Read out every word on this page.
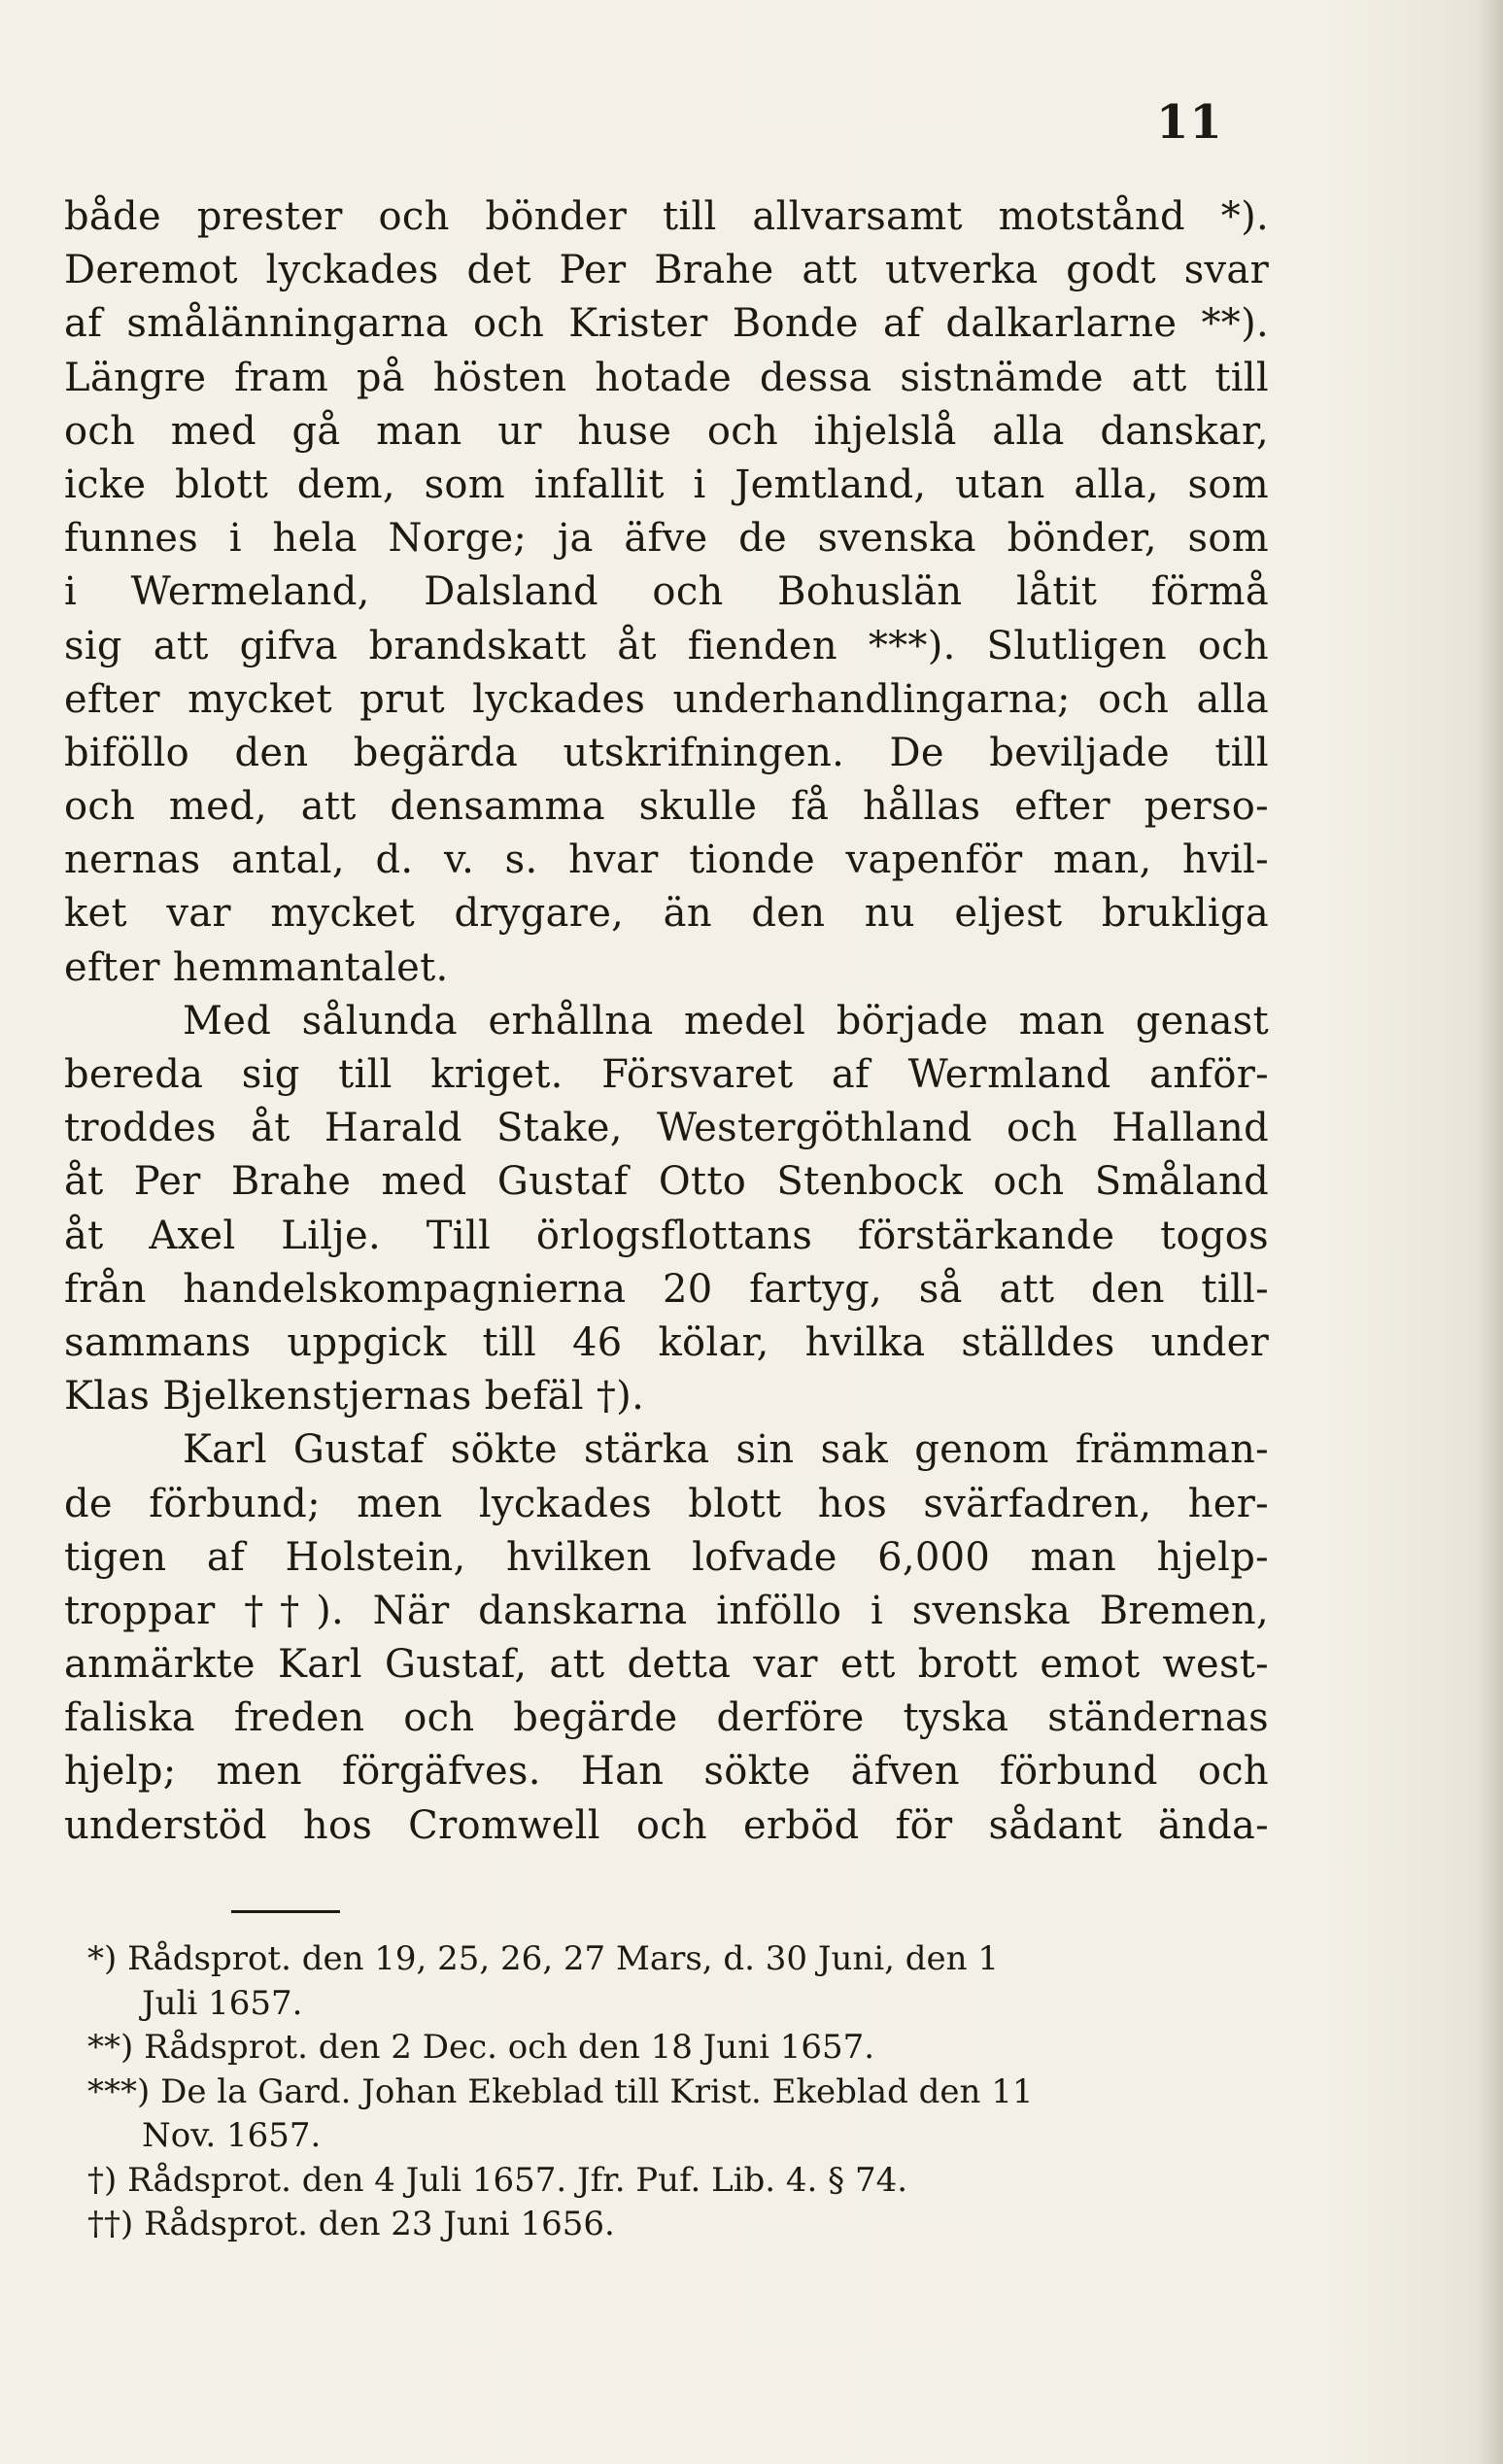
11
både prester och bönder till allvarsamt motstånd *).
Deremot lyckades det Per Brahe att utverka godt svar
af smålänningarna och Krister Bonde af dalkarlarne **).
Längre fram på hösten hotade dessa sistnämde att till
och med gå man ur huse och ihjelslå alla danskar,
icke blott dem, som infallit i Jemtland, utan alla, som
funnes i hela Norge; ja äfve de svenska bönder, som
i Wermeland, Dalsland och Bohuslän låtit förmå
sig att gifva brandskatt åt fienden ***). Slutligen och
efter mycket prut lyckades underhandlingarna; och alla
biföllo den begärda utskrifningen. De beviljade till
och med, att densamma skulle få hållas efter perso-
nernas antal, d. v. s. hvar tionde vapenför man, hvil-
ket var mycket drygare, än den nu eljest brukliga
efter hemmantalet.
Med sålunda erhållna medel började man genast
bereda sig till kriget. Försvaret af Wermland anför-
troddes åt Harald Stake, Westergöthland och Halland
åt Per Brahe med Gustaf Otto Stenbock och Småland
åt Axel Lilje. Till örlogsflottans förstärkande togos
från handelskompagnierna 20 fartyg, så att den till-
sammans uppgick till 46 kölar, hvilka ställdes under
Klas Bjelkenstjernas befäl †).
Karl Gustaf sökte stärka sin sak genom främman-
de förbund; men lyckades blott hos svärfadren, her-
tigen af Holstein, hvilken lofvade 6,000 man hjelp-
troppar ††). När danskarna inföllo i svenska Bremen,
anmärkte Karl Gustaf, att detta var ett brott emot west-
faliska freden och begärde derföre tyska ständernas
hjelp; men förgäfves. Han sökte äfven förbund och
understöd hos Cromwell och erböd för sådant ända-
*) Rådsprot. den 19, 25, 26, 27 Mars, d. 30 Juni, den 1
Juli 1657.
**) Rådsprot. den 2 Dec. och den 18 Juni 1657.
***) De la Gard. Johan Ekeblad till Krist. Ekeblad den 11
Nov. 1657.
†) Rådsprot. den 4 Juli 1657. Jfr. Puf. Lib. 4. § 74.
††) Rådsprot. den 23 Juni 1656.
